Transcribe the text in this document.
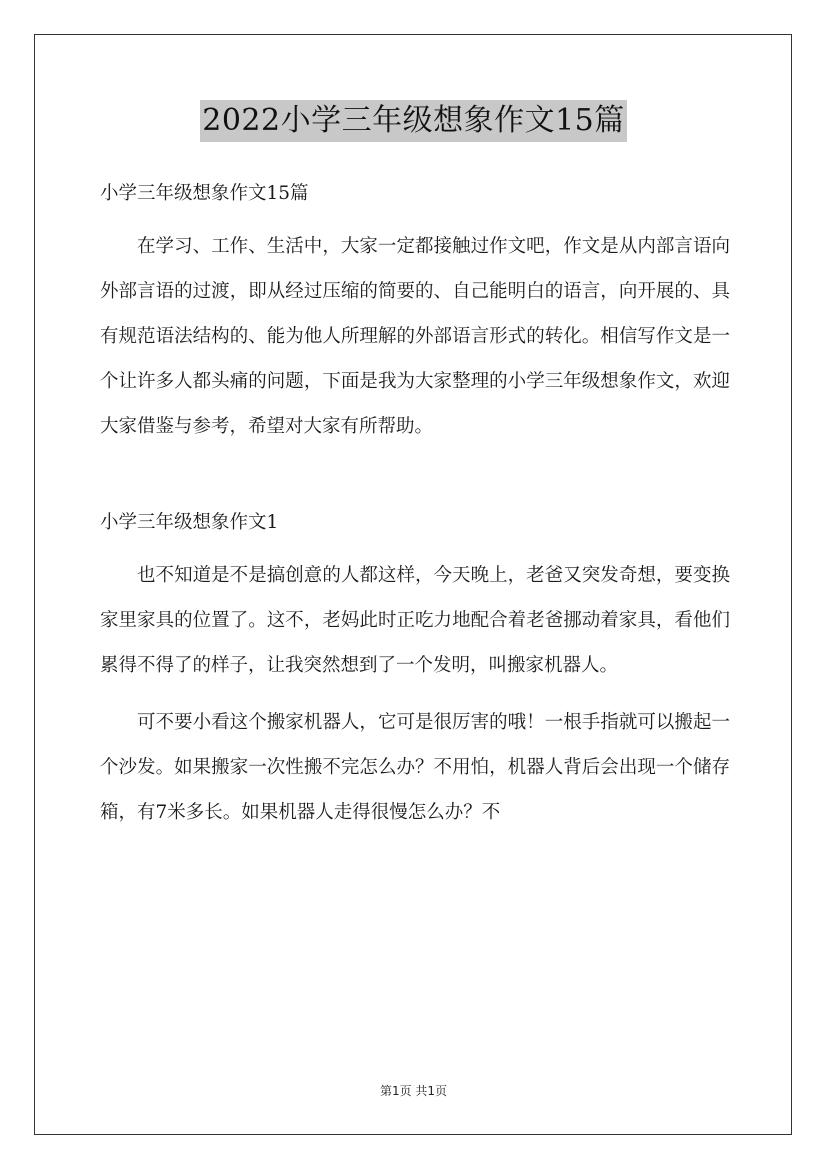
2022小学三年级想象作文15篇

小学三年级想象作文15篇

在学习、工作、生活中，大家一定都接触过作文吧，作文是从内部言语向外部言语的过渡，即从经过压缩的简要的、自己能明白的语言，向开展的、具有规范语法结构的、能为他人所理解的外部语言形式的转化。相信写作文是一个让许多人都头痛的问题，下面是我为大家整理的小学三年级想象作文，欢迎大家借鉴与参考，希望对大家有所帮助。

小学三年级想象作文1

也不知道是不是搞创意的人都这样，今天晚上，老爸又突发奇想，要变换家里家具的位置了。这不，老妈此时正吃力地配合着老爸挪动着家具，看他们累得不得了的样子，让我突然想到了一个发明，叫搬家机器人。

可不要小看这个搬家机器人，它可是很厉害的哦！一根手指就可以搬起一个沙发。如果搬家一次性搬不完怎么办？不用怕，机器人背后会出现一个储存箱，有7米多长。如果机器人走得很慢怎么办？不

第1页 共1页
